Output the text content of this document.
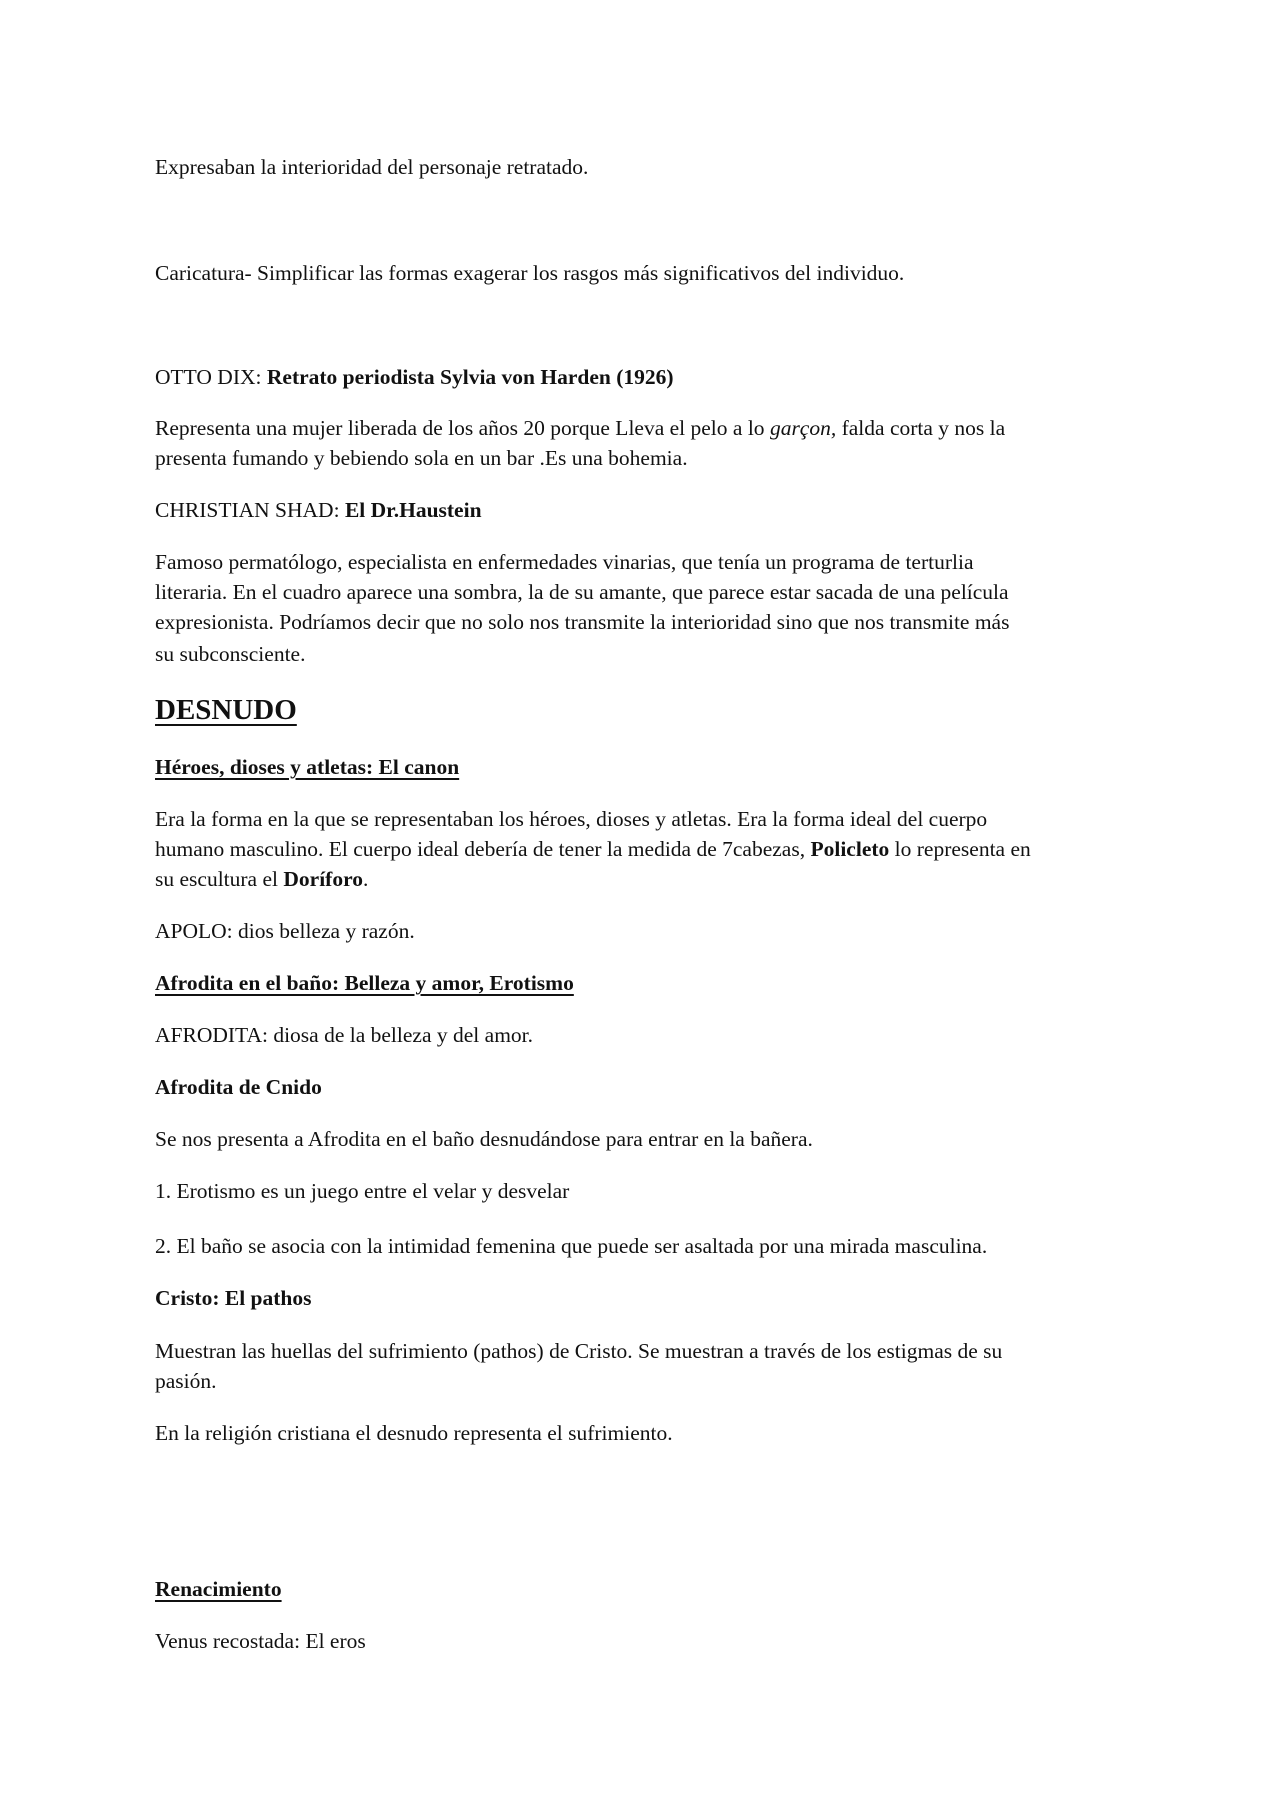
Expresaban la interioridad del personaje retratado.

Caricatura- Simplificar las formas exagerar los rasgos más significativos del individuo.

OTTO DIX: Retrato periodista Sylvia von Harden (1926)

Representa una mujer liberada de los años 20 porque Lleva el pelo a lo garçon, falda corta y nos la

presenta fumando y bebiendo sola en un bar .Es una bohemia.

CHRISTIAN SHAD: El Dr.Haustein

Famoso permatólogo, especialista en enfermedades vinarias, que tenía un programa de terturlia

literaria. En el cuadro aparece una sombra, la de su amante, que parece estar sacada de una película

expresionista. Podríamos decir que no solo nos transmite la interioridad sino que nos transmite más

su subconsciente.

DESNUDO

Héroes, dioses y atletas: El canon

Era la forma en la que se representaban los héroes, dioses y atletas. Era la forma ideal del cuerpo

humano masculino. El cuerpo ideal debería de tener la medida de 7cabezas, Policleto lo representa en

su escultura el Doríforo.

APOLO: dios belleza y razón.

Afrodita en el baño: Belleza y amor, Erotismo

AFRODITA: diosa de la belleza y del amor.

Afrodita de Cnido

Se nos presenta a Afrodita en el baño desnudándose para entrar en la bañera.

1. Erotismo es un juego entre el velar y desvelar

2. El baño se asocia con la intimidad femenina que puede ser asaltada por una mirada masculina.

Cristo: El pathos

Muestran las huellas del sufrimiento (pathos) de Cristo. Se muestran a través de los estigmas de su

pasión.

En la religión cristiana el desnudo representa el sufrimiento.

Renacimiento

Venus recostada: El eros
